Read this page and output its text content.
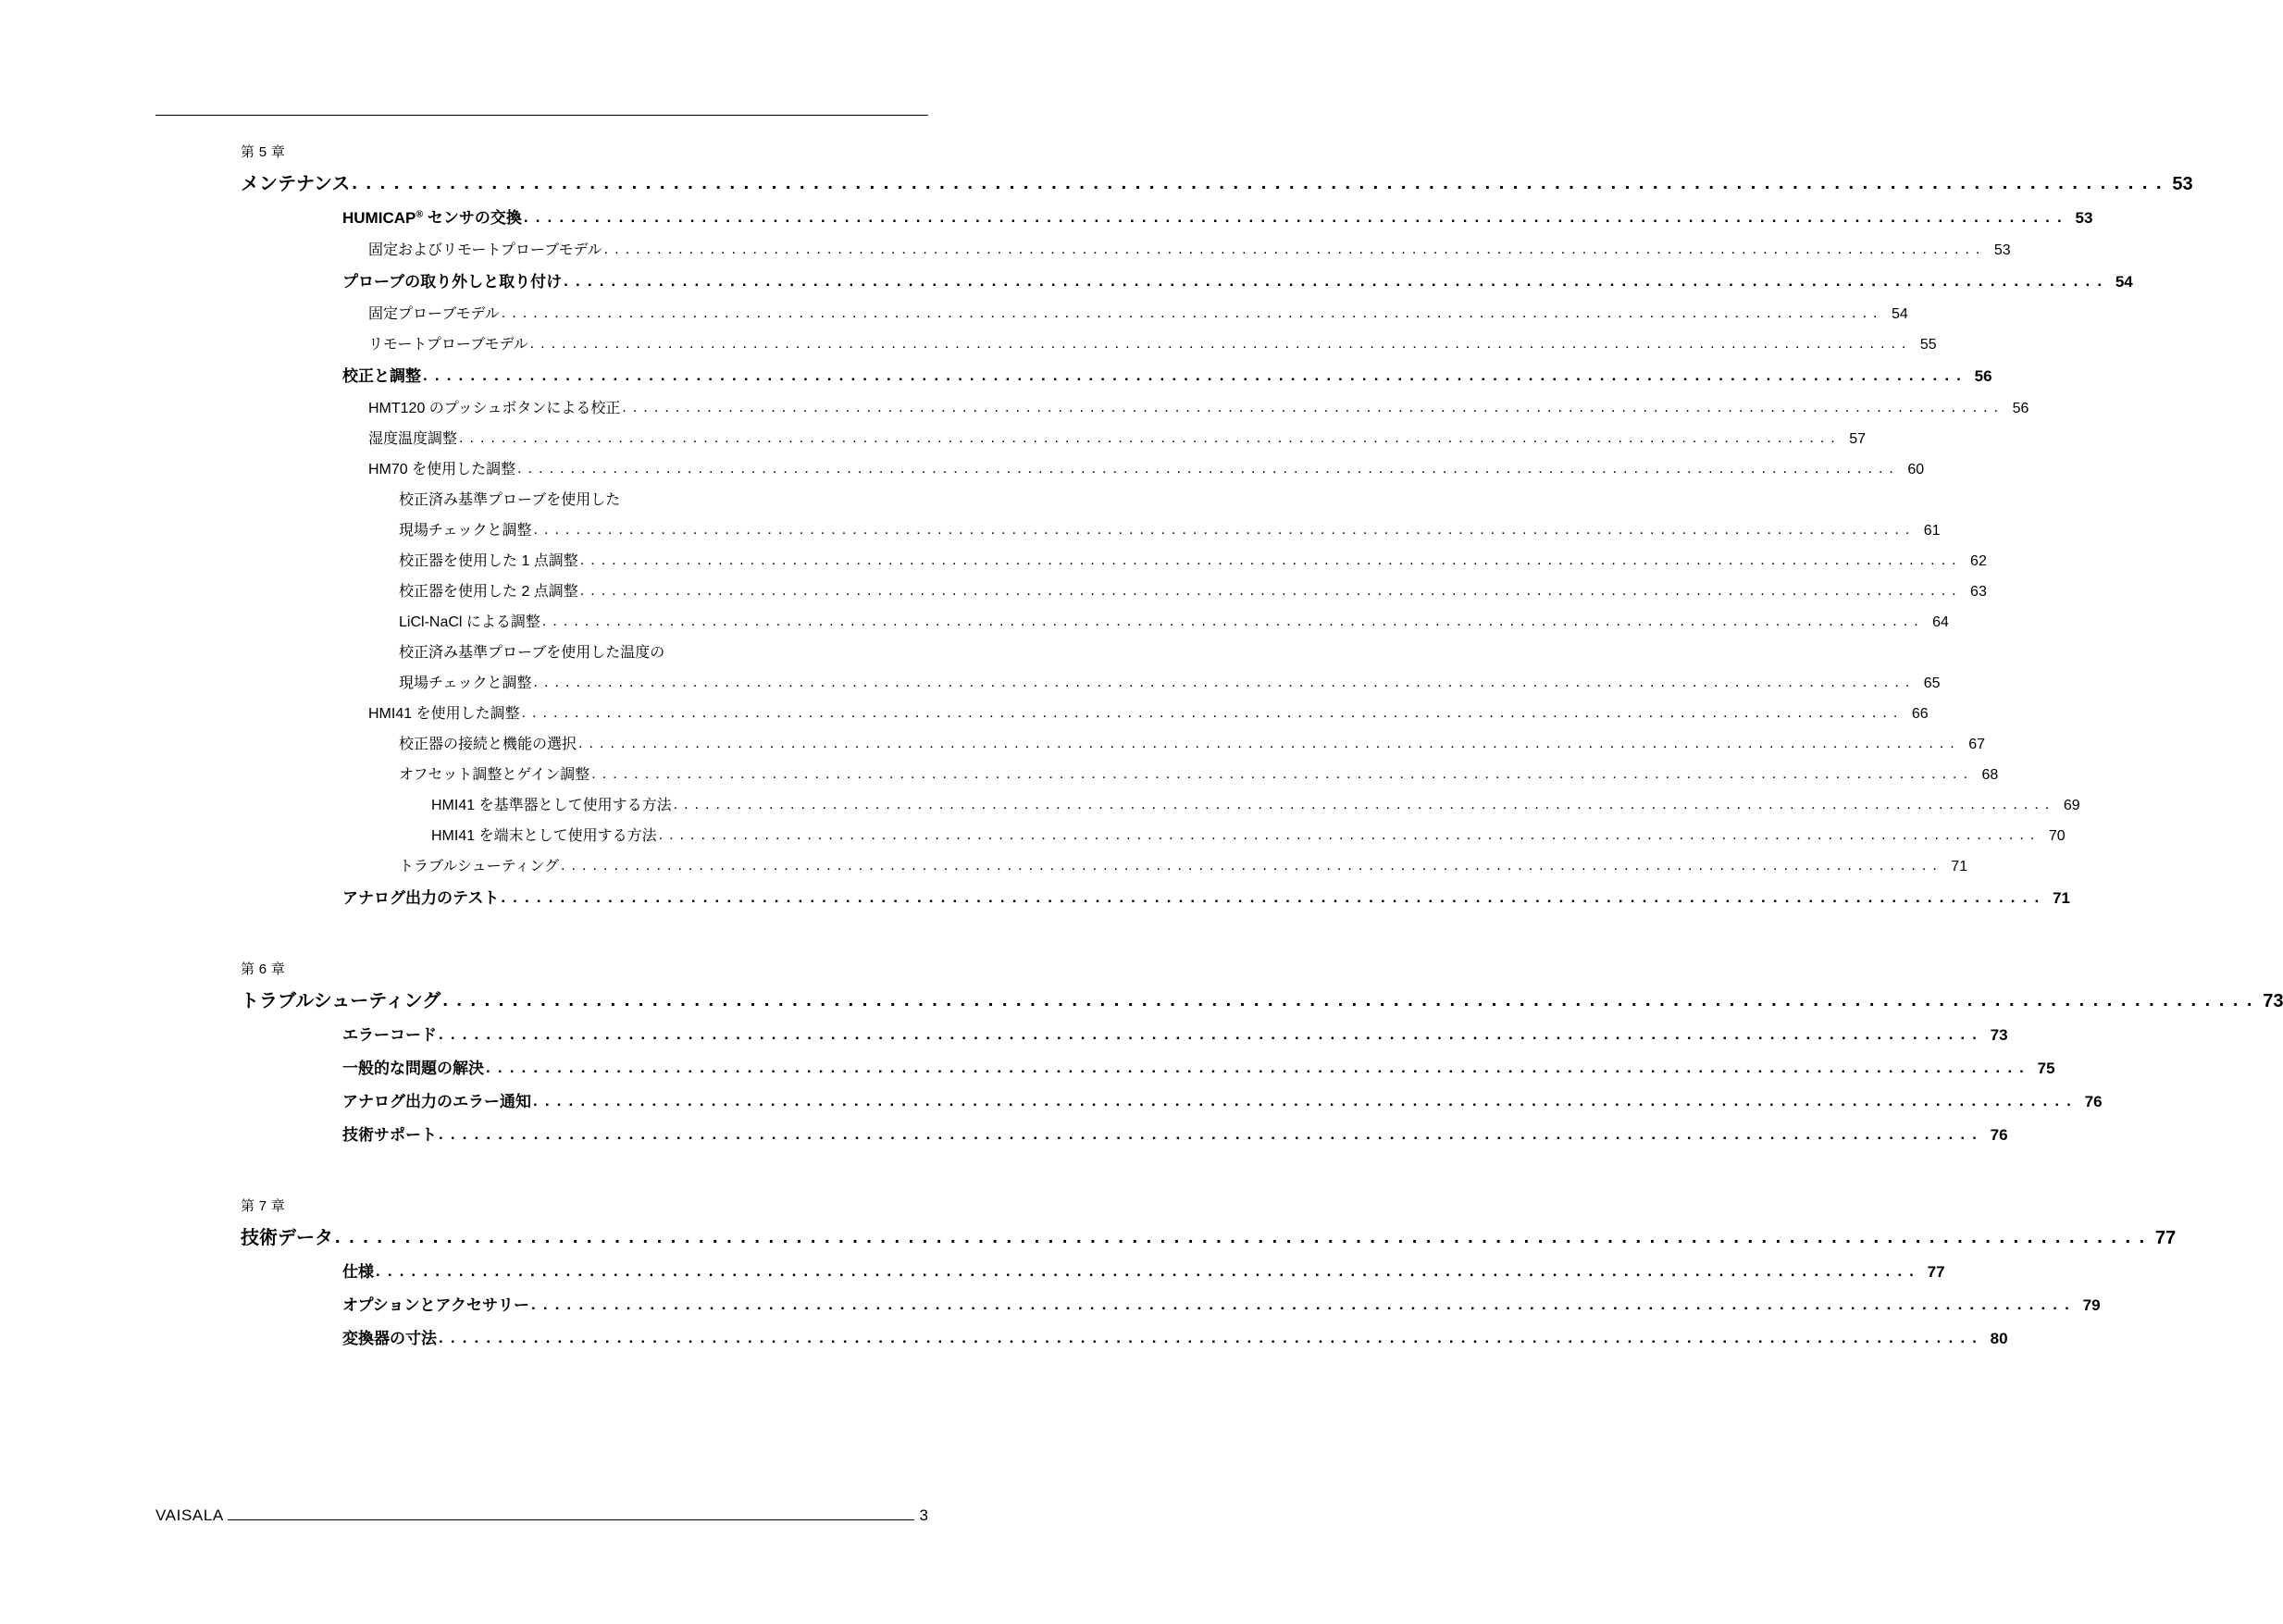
第 5 章
メンテナンス . . .	53
HUMICAP® センサの交換 . . .	53
固定およびリモートプローブモデル . . .	53
プローブの取り外しと取り付け . . .	54
固定プローブモデル . . .	54
リモートプローブモデル . . .	55
校正と調整 . . .	56
HMT120 のプッシュボタンによる校正 . . .	56
湿度温度調整 . . .	57
HM70 を使用した調整 . . .	60
校正済み基準プローブを使用した
現場チェックと調整 . . .	61
校正器を使用した 1 点調整 . . .	62
校正器を使用した 2 点調整 . . .	63
LiCl-NaCl による調整 . . .	64
校正済み基準プローブを使用した温度の
現場チェックと調整 . . .	65
HMI41 を使用した調整 . . .	66
校正器の接続と機能の選択 . . .	67
オフセット調整とゲイン調整 . . .	68
HMI41 を基準器として使用する方法 . . .	69
HMI41 を端末として使用する方法 . . .	70
トラブルシューティング . . .	71
アナログ出力のテスト . . .	71
第 6 章
トラブルシューティング . . .	73
エラーコード . . .	73
一般的な問題の解決 . . .	75
アナログ出力のエラー通知 . . .	76
技術サポート . . .	76
第 7 章
技術データ . . .	77
仕様 . . .	77
オプションとアクセサリー . . .	79
変換器の寸法 . . .	80
VAISALA	3
